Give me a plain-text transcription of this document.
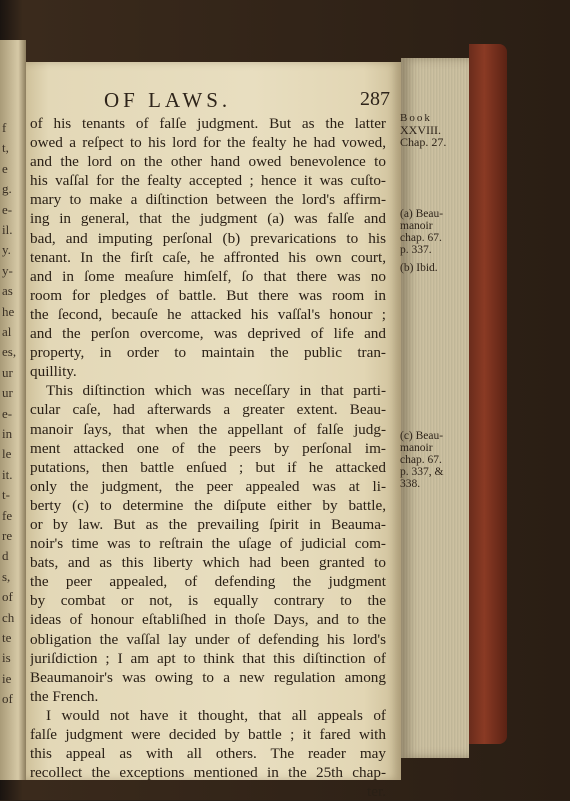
f
t,
e
g.
e-
il.
y.
y-
as
he
al
es,
ur
ur
e-
in
le
it.
t-
fe
re
d
s,
of
ch
te
is
ie
of
OF LAWS.	287
Book
XXVIII.
Chap. 27.
(a) Beau-
manoir
chap. 67.
p. 337.
(b) Ibid.
(c) Beau-
manoir
chap. 67.
p. 337, &
338.
of his tenants of falſe judgment. But as the latter
owed a reſpect to his lord for the fealty he had vowed,
and the lord on the other hand owed benevolence to
his vaſſal for the fealty accepted ; hence it was cuſto-
mary to make a diſtinction between the lord's affirm-
ing in general, that the judgment (a) was falſe and
bad, and imputing perſonal (b) prevarications to his
tenant. In the firſt caſe, he affronted his own court,
and in ſome meaſure himſelf, ſo that there was no
room for pledges of battle. But there was room in
the ſecond, becauſe he attacked his vaſſal's honour ;
and the perſon overcome, was deprived of life and
property, in order to maintain the public tran-
quillity.
This diſtinction which was neceſſary in that parti-
cular caſe, had afterwards a greater extent. Beau-
manoir ſays, that when the appellant of falſe judg-
ment attacked one of the peers by perſonal im-
putations, then battle enſued ; but if he attacked
only the judgment, the peer appealed was at li-
berty (c) to determine the diſpute either by battle,
or by law. But as the prevailing ſpirit in Beauma-
noir's time was to reſtrain the uſage of judicial com-
bats, and as this liberty which had been granted to
the peer appealed, of defending the judgment
by combat or not, is equally contrary to the
ideas of honour eſtabliſhed in thoſe Days, and to the
obligation the vaſſal lay under of defending his lord's
juriſdiction ; I am apt to think that this diſtinction of
Beaumanoir's was owing to a new regulation among
the French.
I would not have it thought, that all appeals of
falſe judgment were decided by battle ; it fared with
this appeal as with all others. The reader may
recollect the exceptions mentioned in the 25th chap-
ter.
